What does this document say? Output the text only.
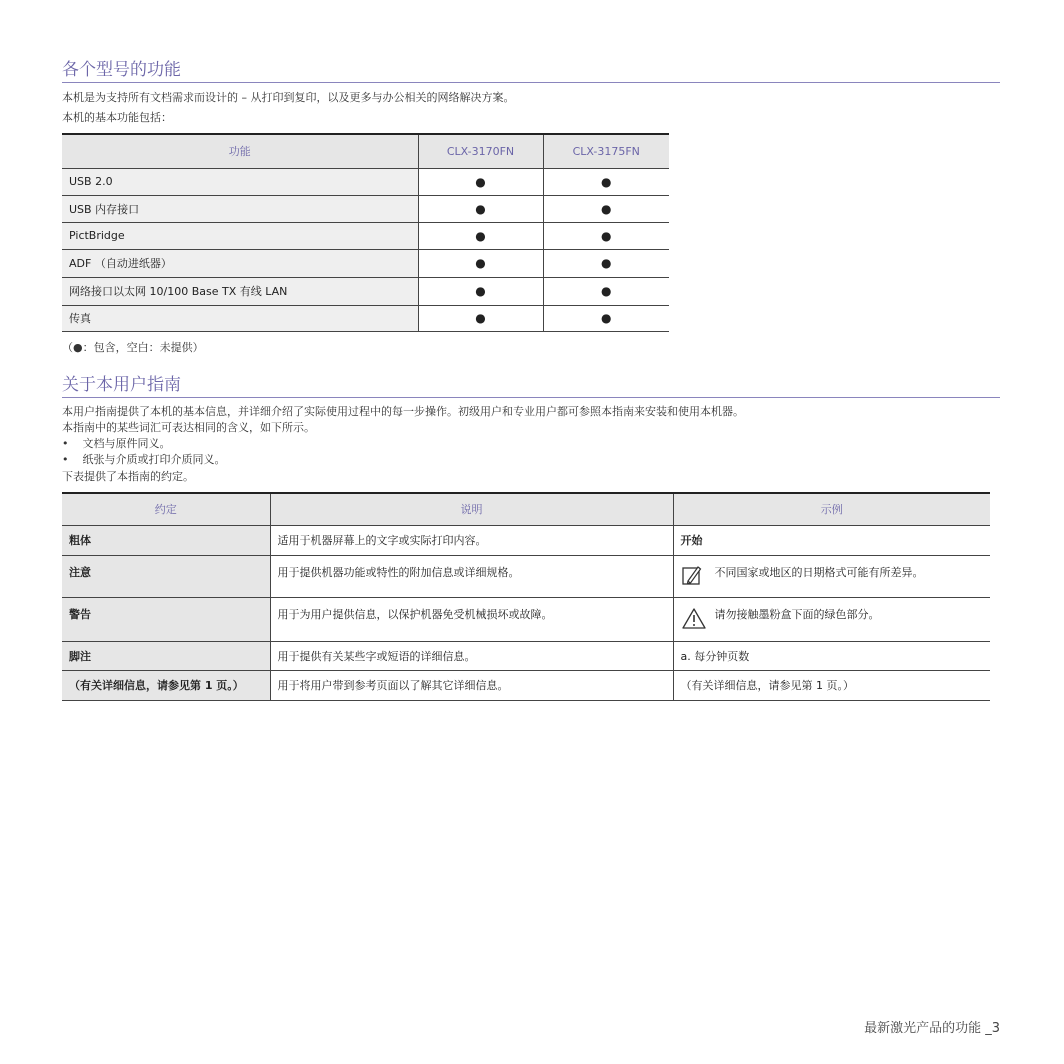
各个型号的功能

本机是为支持所有文档需求而设计的 – 从打印到复印，以及更多与办公相关的网络解决方案。

本机的基本功能包括：

功能	CLX-3170FN	CLX-3175FN
USB 2.0	●	●
USB 内存接口	●	●
PictBridge	●	●
ADF （自动进纸器）	●	●
网络接口以太网 10/100 Base TX 有线 LAN	●	●
传真	●	●

（●：包含，空白：未提供）

关于本用户指南

本用户指南提供了本机的基本信息，并详细介绍了实际使用过程中的每一步操作。初级用户和专业用户都可参照本指南来安装和使用本机器。

本指南中的某些词汇可表达相同的含义，如下所示。

•    文档与原件同义。

•    纸张与介质或打印介质同义。

下表提供了本指南的约定。

约定	说明	示例
粗体	适用于机器屏幕上的文字或实际打印内容。	开始
注意	用于提供机器功能或特性的附加信息或详细规格。	不同国家或地区的日期格式可能有所差异。

警告	用于为用户提供信息，以保护机器免受机械损坏或故障。	请勿接触墨粉盒下面的绿色部分。

脚注	用于提供有关某些字或短语的详细信息。	a. 每分钟页数
（有关详细信息，请参见第 1 页。）	用于将用户带到参考页面以了解其它详细信息。	（有关详细信息，请参见第 1 页。）
最新激光产品的功能 _3
